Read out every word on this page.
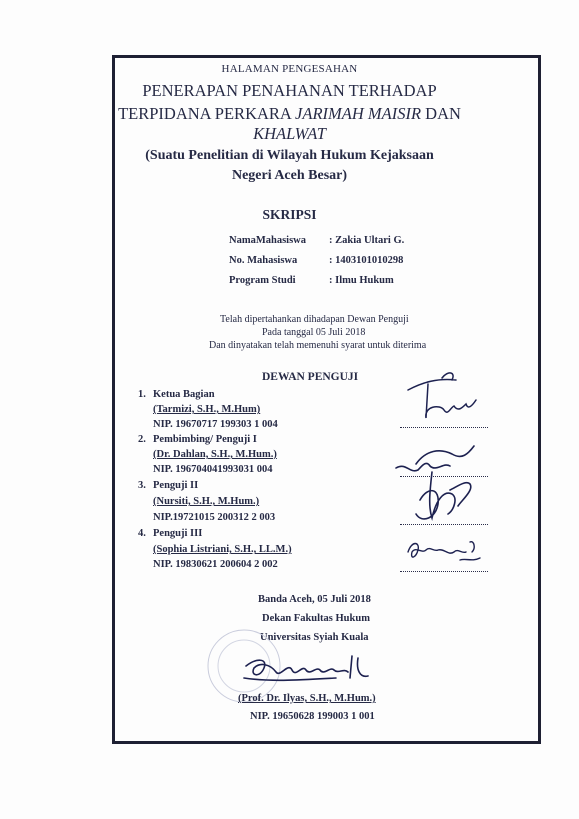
HALAMAN PENGESAHAN
PENERAPAN PENAHANAN TERHADAP
TERPIDANA PERKARA JARIMAH MAISIR DAN
KHALWAT
(Suatu Penelitian di Wilayah Hukum Kejaksaan
Negeri Aceh Besar)
SKRIPSI
NamaMahasiswa : Zakia Ultari G.
No. Mahasiswa	: 1403101010298
Program Studi	: Ilmu Hukum
Telah dipertahankan dihadapan Dewan Penguji
Pada tanggal 05 Juli 2018
Dan dinyatakan telah memenuhi syarat untuk diterima
DEWAN PENGUJI
1. Ketua Bagian
(Tarmizi, S.H., M.Hum)
NIP. 19670717 199303 1 004
2. Pembimbing/ Penguji I
(Dr. Dahlan, S.H., M.Hum.)
NIP. 196704041993031 004
3. Penguji II
(Nursiti, S.H., M.Hum.)
NIP.19721015 200312 2 003
4. Penguji III
(Sophia Listriani, S.H., LL.M.)
NIP. 19830621 200604 2 002
Banda Aceh, 05 Juli 2018
Dekan Fakultas Hukum
Universitas Syiah Kuala
(Prof. Dr. Ilyas, S.H., M.Hum.)
NIP. 19650628 199003 1 001
